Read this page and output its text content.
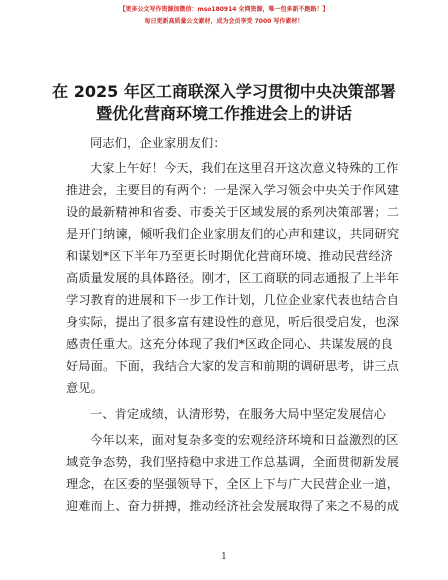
【更多公文写作资源加微信：mso180914 全网资源，唯一包多新不跑路！】
每日更新高质量公文素材，成为会员享受 7000 写作素材！
在 2025 年区工商联深入学习贯彻中央决策部署
暨优化营商环境工作推进会上的讲话
同志们，企业家朋友们：
大家上午好！今天，我们在这里召开这次意义特殊的工作
推进会，主要目的有两个：一是深入学习领会中央关于作风建
设的最新精神和省委、市委关于区域发展的系列决策部署；二
是开门纳谏，倾听我们企业家朋友们的心声和建议，共同研究
和谋划*区下半年乃至更长时期优化营商环境、推动民营经济
高质量发展的具体路径。刚才，区工商联的同志通报了上半年
学习教育的进展和下一步工作计划，几位企业家代表也结合自
身实际，提出了很多富有建设性的意见，听后很受启发，也深
感责任重大。这充分体现了我们*区政企同心、共谋发展的良
好局面。下面，我结合大家的发言和前期的调研思考，讲三点
意见。
一、肯定成绩，认清形势，在服务大局中坚定发展信心
今年以来，面对复杂多变的宏观经济环境和日益激烈的区
域竞争态势，我们坚持稳中求进工作总基调，全面贯彻新发展
理念，在区委的坚强领导下，全区上下与广大民营企业一道，
迎难而上、奋力拼搏，推动经济社会发展取得了来之不易的成
1
